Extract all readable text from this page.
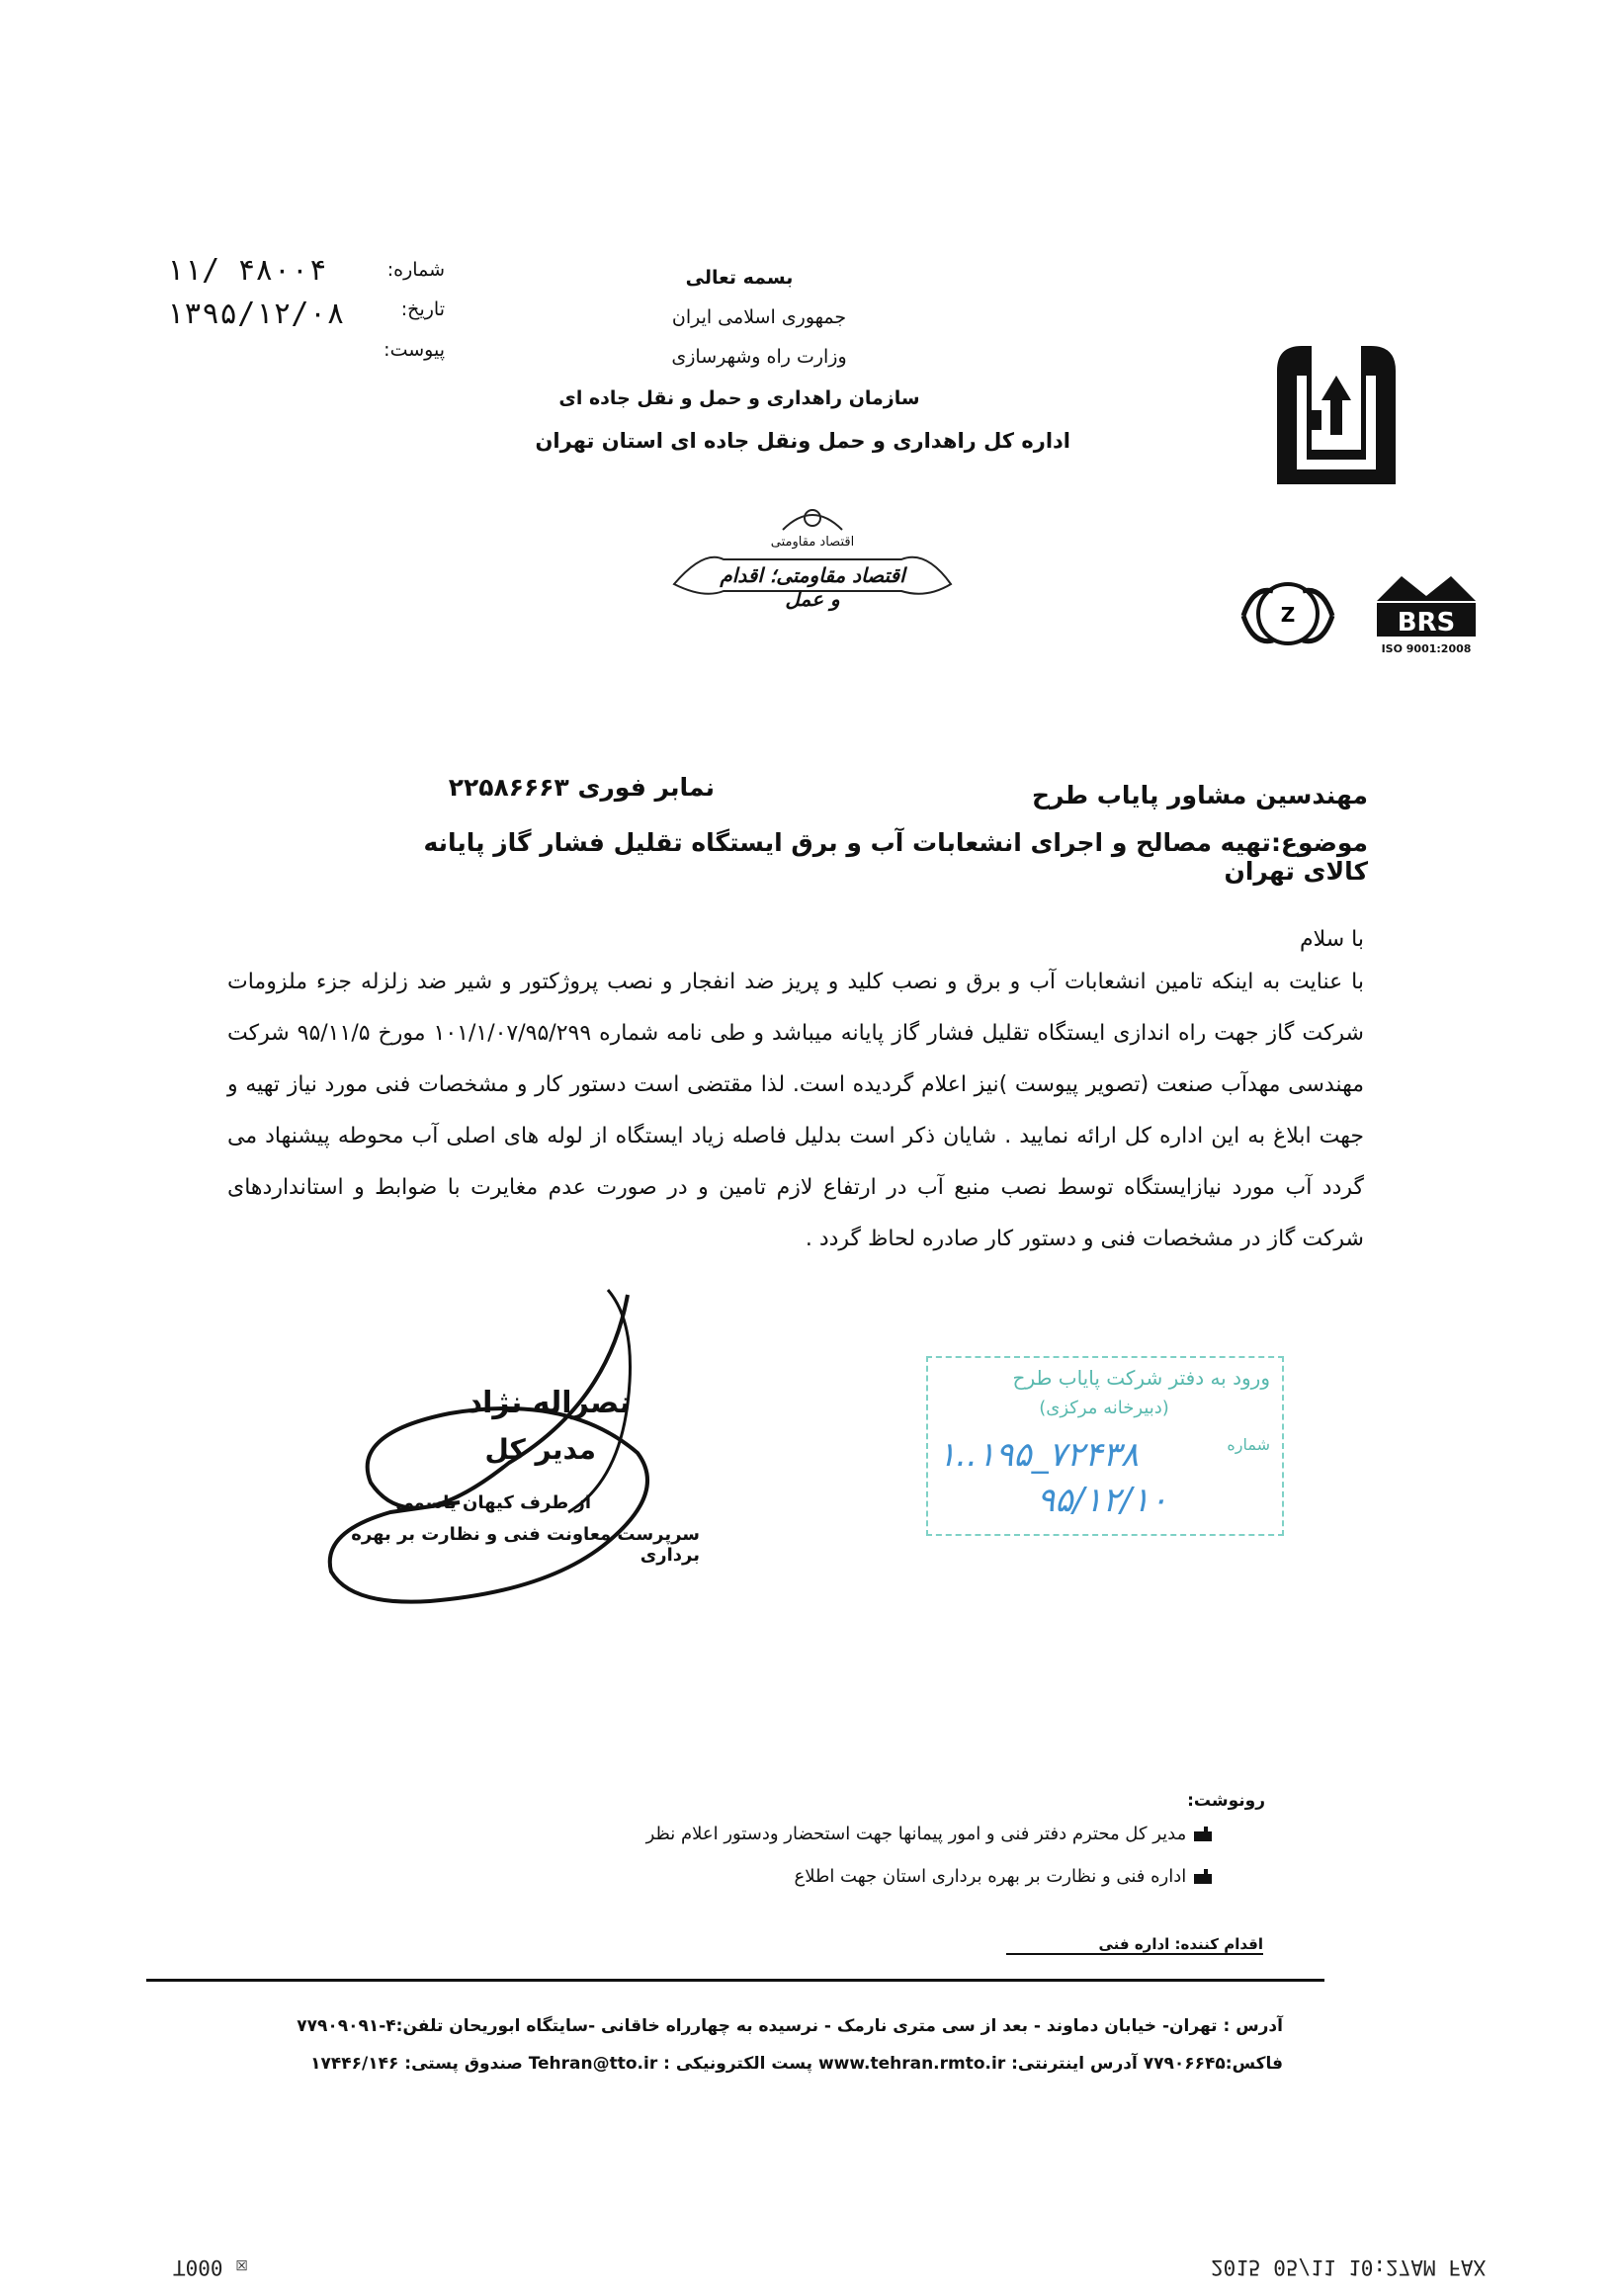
شماره:
۱۱/ ۴۸۰۰۴
تاریخ:
۱۳۹۵/۱۲/۰۸
پیوست:
بسمه تعالی
جمهوری اسلامی ایران
وزارت راه وشهرسازی
سازمان راهداری و حمل و نقل جاده ای
اداره کل راهداری و حمل ونقل جاده ای استان تهران
اقتصاد مقاومتی؛ اقدام و عمل
اقتصاد مقاومتی
Z	BRS
ISO 9001:2008
مهندسین مشاور پایاب طرح
نمابر فوری ۲۲۵۸۶۶۶۳
موضوع:تهیه مصالح و اجرای انشعابات آب و برق ایستگاه تقلیل فشار گاز پایانه کالای تهران
با سلام
با عنایت به اینکه تامین انشعابات آب و برق و نصب کلید و پریز ضد انفجار و نصب پروژکتور و شیر ضد زلزله جزء ملزومات شرکت گاز جهت راه اندازی ایستگاه تقلیل فشار گاز پایانه میباشد و طی نامه شماره ۱۰۱/۱/۰۷/۹۵/۲۹۹ مورخ ۹۵/۱۱/۵ شرکت مهندسی مهدآب صنعت (تصویر پیوست )نیز اعلام گردیده است. لذا مقتضی است دستور کار و مشخصات فنی مورد نیاز تهیه و جهت ابلاغ به این اداره کل ارائه نمایید . شایان ذکر است بدلیل فاصله زیاد ایستگاه از لوله های اصلی آب محوطه پیشنهاد می گردد آب مورد نیازایستگاه توسط نصب منبع آب در ارتفاع لازم تامین و در صورت عدم مغایرت با ضوابط و استانداردهای شرکت گاز در مشخصات فنی و دستور کار صادره لحاظ گردد .
نصراله نژاد
مدیر کل
از طرف کیهان یاسمی
سرپرست معاونت فنی و نظارت بر بهره برداری
ورود به دفتر شرکت پایاب طرح
(دبیرخانه مرکزی)
شماره
۱..۱۹۵_۷۲۴۳۸
۹۵/۱۲/۱۰
رونوشت:
مدیر کل محترم دفتر فنی و امور پیمانها جهت استحضار ودستور اعلام نظر
اداره فنی و نظارت بر بهره برداری استان جهت اطلاع
اقدام کننده: اداره فنی
آدرس : تهران- خیابان دماوند - بعد از سی متری نارمک - نرسیده به چهارراه خاقانی -سایتگاه ابوریحان تلفن:۴-۷۷۹۰۹۰۹۱
فاکس:۷۷۹۰۶۶۴۵ آدرس اینترنتی: www.tehran.rmto.ir پست الکترونیکی : Tehran@tto.ir صندوق پستی: ۱۷۴۴۶/۱۴۶
T000 ☒	2015 05/11 10:27AM FAX
